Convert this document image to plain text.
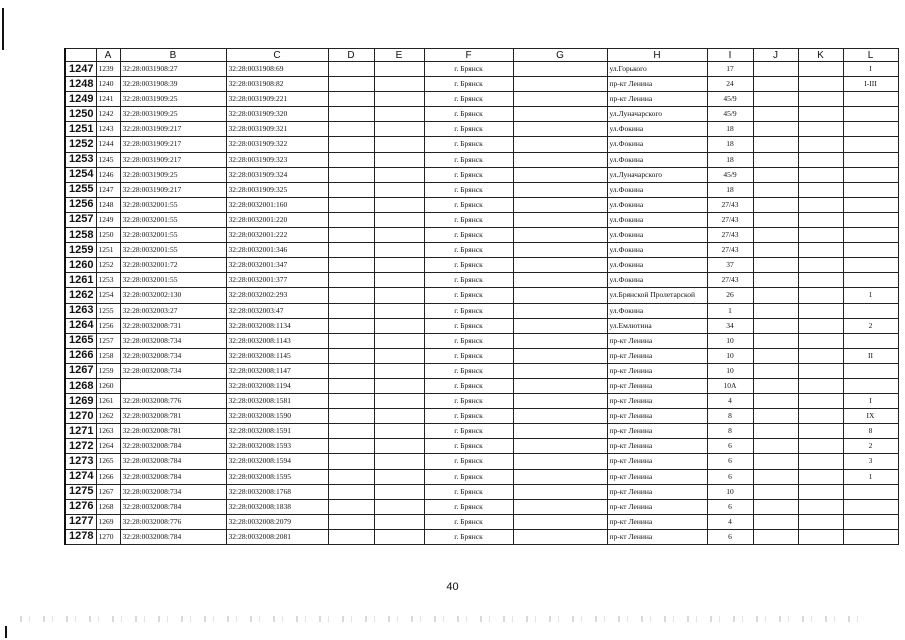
	A	B	C	D	E	F	G	H	I	J	K	L
1247	1239	32:28:0031908:27	32:28:0031908:69			г. Брянск		ул.Горького	17			I
1248	1240	32:28:0031908:39	32:28:0031908:82			г. Брянск		пр-кт Ленина	24			I-III
1249	1241	32:28:0031909:25	32:28:0031909:221			г. Брянск		пр-кт Ленина	45/9			
1250	1242	32:28:0031909:25	32:28:0031909:320			г. Брянск		ул.Луначарского	45/9			
1251	1243	32:28:0031909:217	32:28:0031909:321			г. Брянск		ул.Фокина	18			
1252	1244	32:28:0031909:217	32:28:0031909:322			г. Брянск		ул.Фокина	18			
1253	1245	32:28:0031909:217	32:28:0031909:323			г. Брянск		ул.Фокина	18			
1254	1246	32:28:0031909:25	32:28:0031909:324			г. Брянск		ул.Луначарского	45/9			
1255	1247	32:28:0031909:217	32:28:0031909:325			г. Брянск		ул.Фокина	18			
1256	1248	32:28:0032001:55	32:28:0032001:160			г. Брянск		ул.Фокина	27/43			
1257	1249	32:28:0032001:55	32:28:0032001:220			г. Брянск		ул.Фокина	27/43			
1258	1250	32:28:0032001:55	32:28:0032001:222			г. Брянск		ул.Фокина	27/43			
1259	1251	32:28:0032001:55	32:28:0032001:346			г. Брянск		ул.Фокина	27/43			
1260	1252	32:28:0032001:72	32:28:0032001:347			г. Брянск		ул.Фокина	37			
1261	1253	32:28:0032001:55	32:28:0032001:377			г. Брянск		ул.Фокина	27/43			
1262	1254	32:28:0032002:130	32:28:0032002:293			г. Брянск		ул.Брянской Пролетарской	26			1
1263	1255	32:28:0032003:27	32:28:0032003:47			г. Брянск		ул.Фокина	1			
1264	1256	32:28:0032008:731	32:28:0032008:1134			г. Брянск		ул.Емлютина	34			2
1265	1257	32:28:0032008:734	32:28:0032008:1143			г. Брянск		пр-кт Ленина	10			
1266	1258	32:28:0032008:734	32:28:0032008:1145			г. Брянск		пр-кт Ленина	10			II
1267	1259	32:28:0032008:734	32:28:0032008:1147			г. Брянск		пр-кт Ленина	10			
1268	1260		32:28:0032008:1194			г. Брянск		пр-кт Ленина	10А			
1269	1261	32:28:0032008:776	32:28:0032008:1581			г. Брянск		пр-кт Ленина	4			I
1270	1262	32:28:0032008:781	32:28:0032008:1590			г. Брянск		пр-кт Ленина	8			IX
1271	1263	32:28:0032008:781	32:28:0032008:1591			г. Брянск		пр-кт Ленина	8			8
1272	1264	32:28:0032008:784	32:28:0032008:1593			г. Брянск		пр-кт Ленина	6			2
1273	1265	32:28:0032008:784	32:28:0032008:1594			г. Брянск		пр-кт Ленина	6			3
1274	1266	32:28:0032008:784	32:28:0032008:1595			г. Брянск		пр-кт Ленина	6			1
1275	1267	32:28:0032008:734	32:28:0032008:1768			г. Брянск		пр-кт Ленина	10			
1276	1268	32:28:0032008:784	32:28:0032008:1838			г. Брянск		пр-кт Ленина	6			
1277	1269	32:28:0032008:776	32:28:0032008:2079			г. Брянск		пр-кт Ленина	4			
1278	1270	32:28:0032008:784	32:28:0032008:2081			г. Брянск		пр-кт Ленина	6			
40
